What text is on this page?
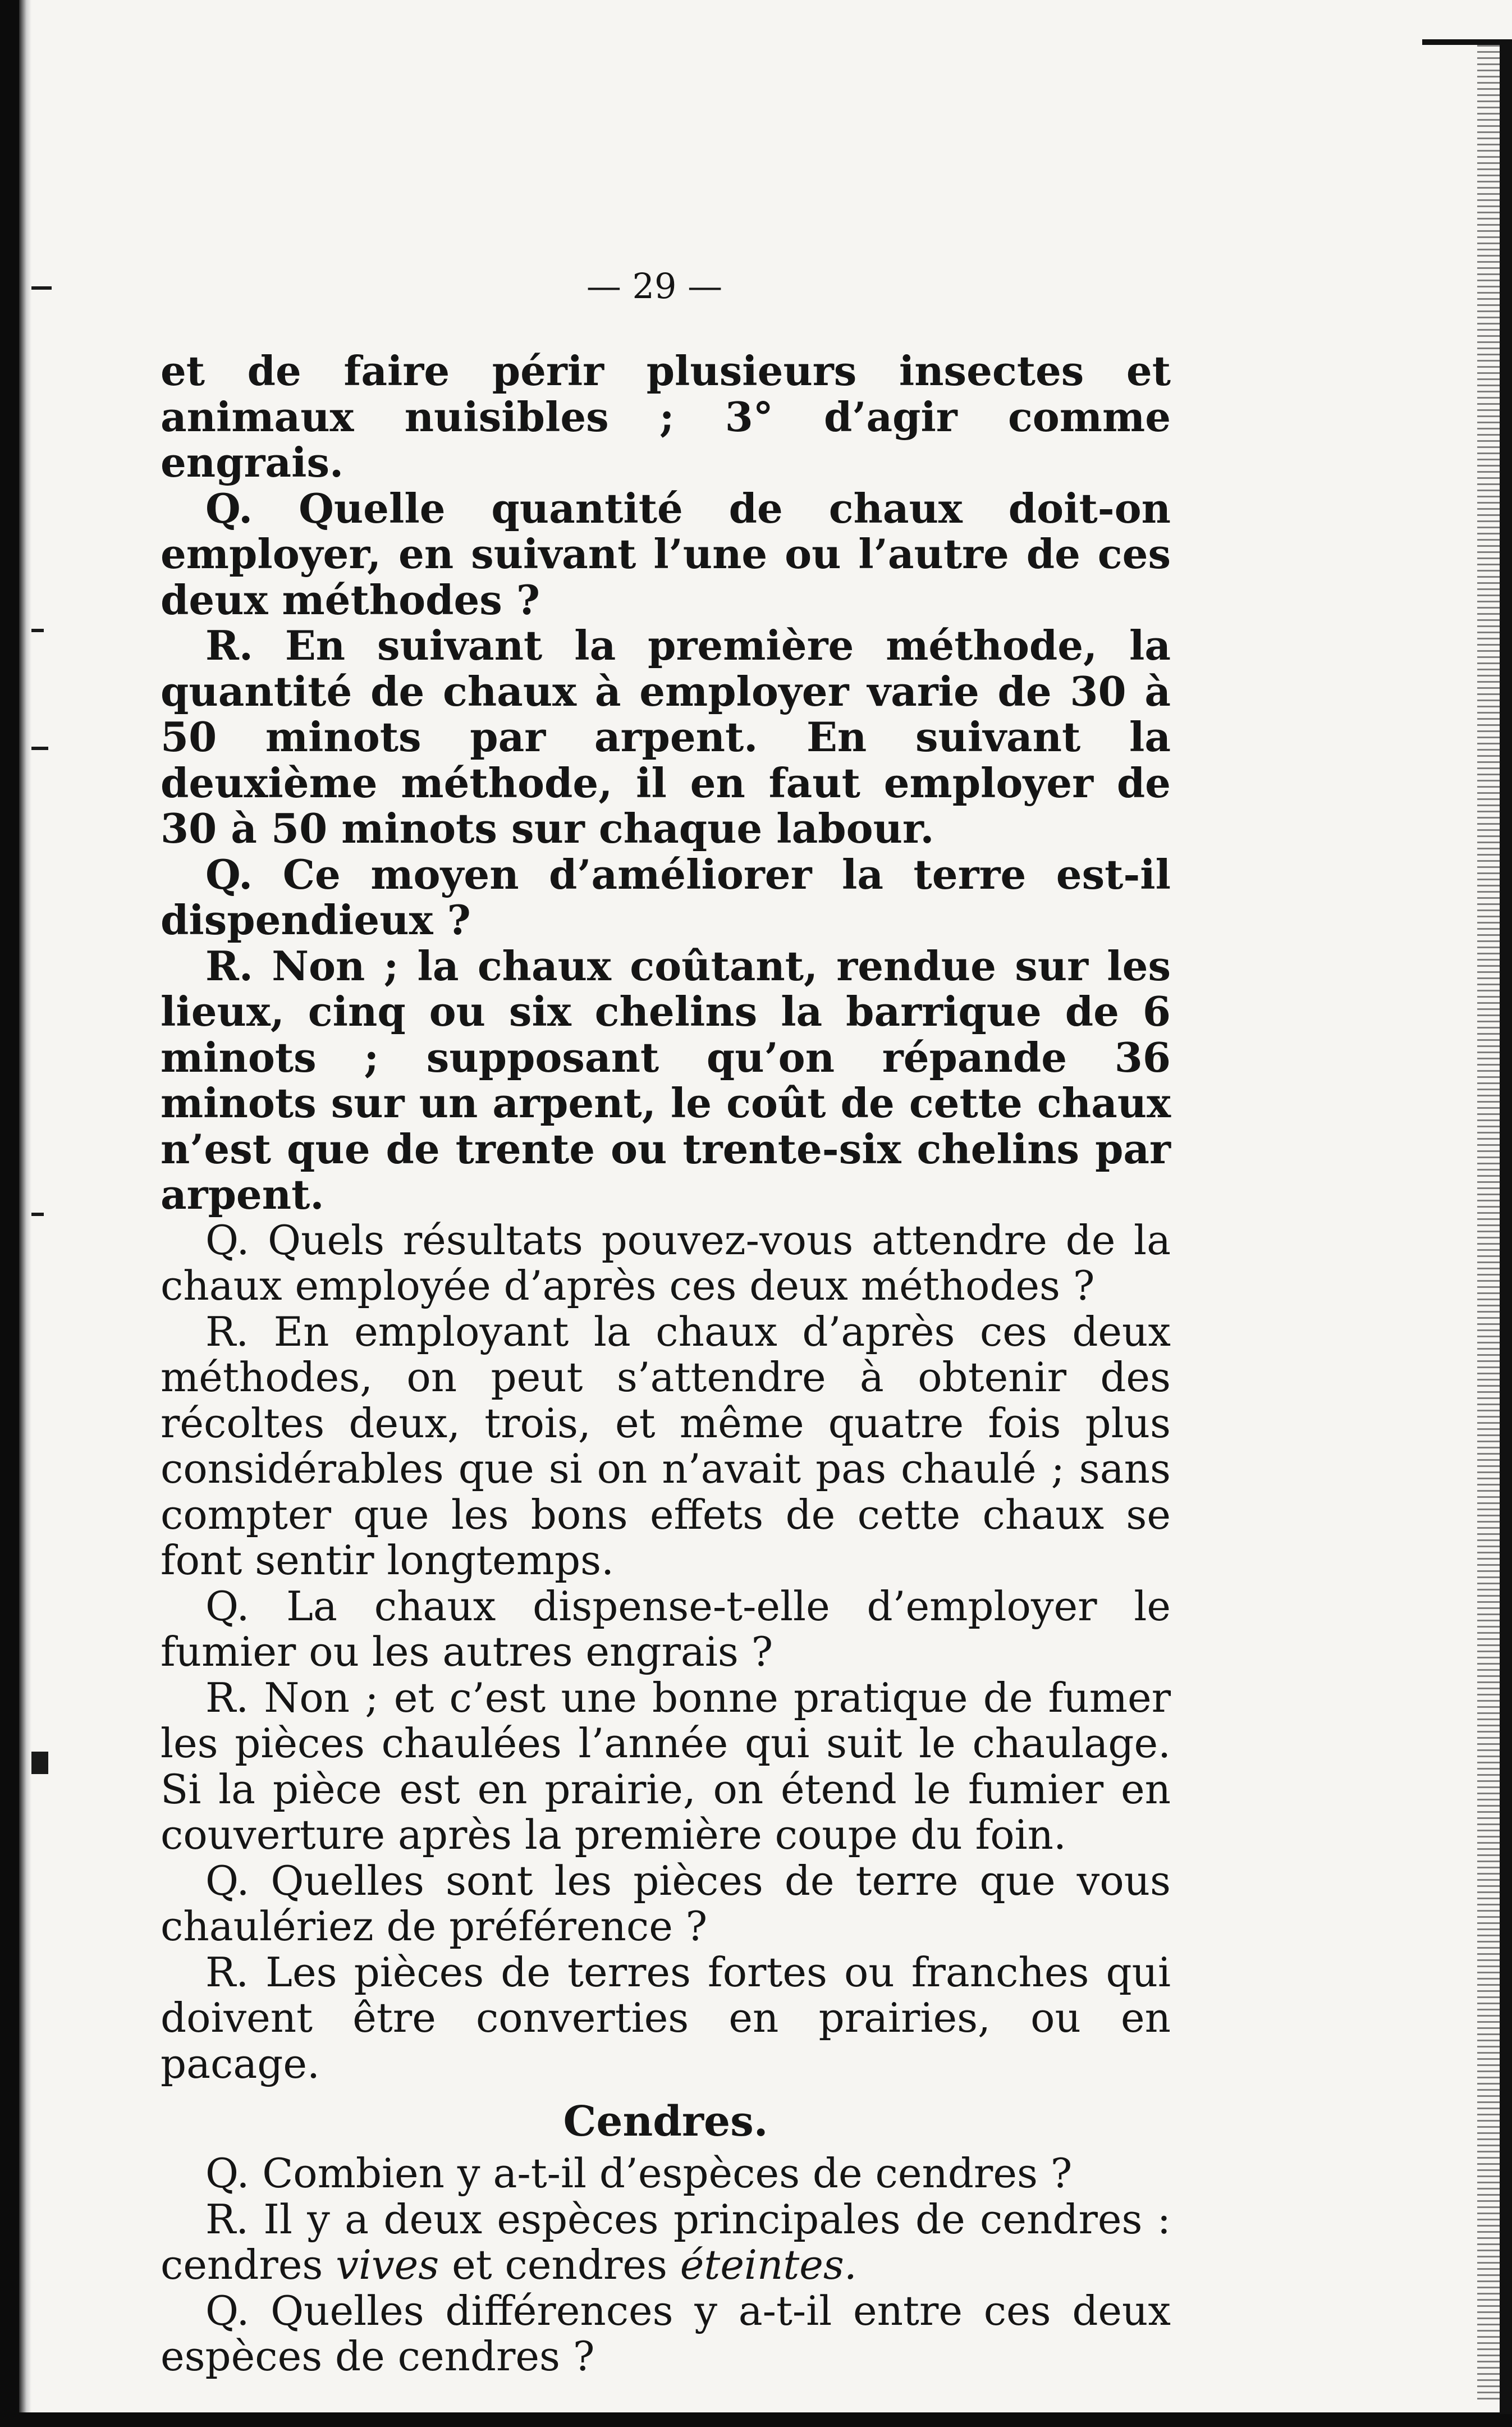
— 29 —

et de faire périr plusieurs insectes et animaux nuisibles ; 3° d’agir comme engrais.

Q. Quelle quantité de chaux doit-on employer, en suivant l’une ou l’autre de ces deux méthodes ?

R. En suivant la première méthode, la quantité de chaux à employer varie de 30 à 50 minots par arpent. En suivant la deuxième méthode, il en faut employer de 30 à 50 minots sur chaque labour.

Q. Ce moyen d’améliorer la terre est-il dispendieux ?

R. Non ; la chaux coûtant, rendue sur les lieux, cinq ou six chelins la barrique de 6 minots ; supposant qu’on répande 36 minots sur un arpent, le coût de cette chaux n’est que de trente ou trente-six chelins par arpent.

Q. Quels résultats pouvez-vous attendre de la chaux employée d’après ces deux méthodes ?

R. En employant la chaux d’après ces deux méthodes, on peut s’attendre à obtenir des récoltes deux, trois, et même quatre fois plus considérables que si on n’avait pas chaulé ; sans compter que les bons effets de cette chaux se font sentir longtemps.

Q. La chaux dispense-t-elle d’employer le fumier ou les autres engrais ?

R. Non ; et c’est une bonne pratique de fumer les pièces chaulées l’année qui suit le chaulage. Si la pièce est en prairie, on étend le fumier en couverture après la première coupe du foin.

Q. Quelles sont les pièces de terre que vous chaulériez de préférence ?

R. Les pièces de terres fortes ou franches qui doivent être converties en prairies, ou en pacage.

Cendres.

Q. Combien y a-t-il d’espèces de cendres ?

R. Il y a deux espèces principales de cendres : cendres vives et cendres éteintes.

Q. Quelles différences y a-t-il entre ces deux espèces de cendres ?
